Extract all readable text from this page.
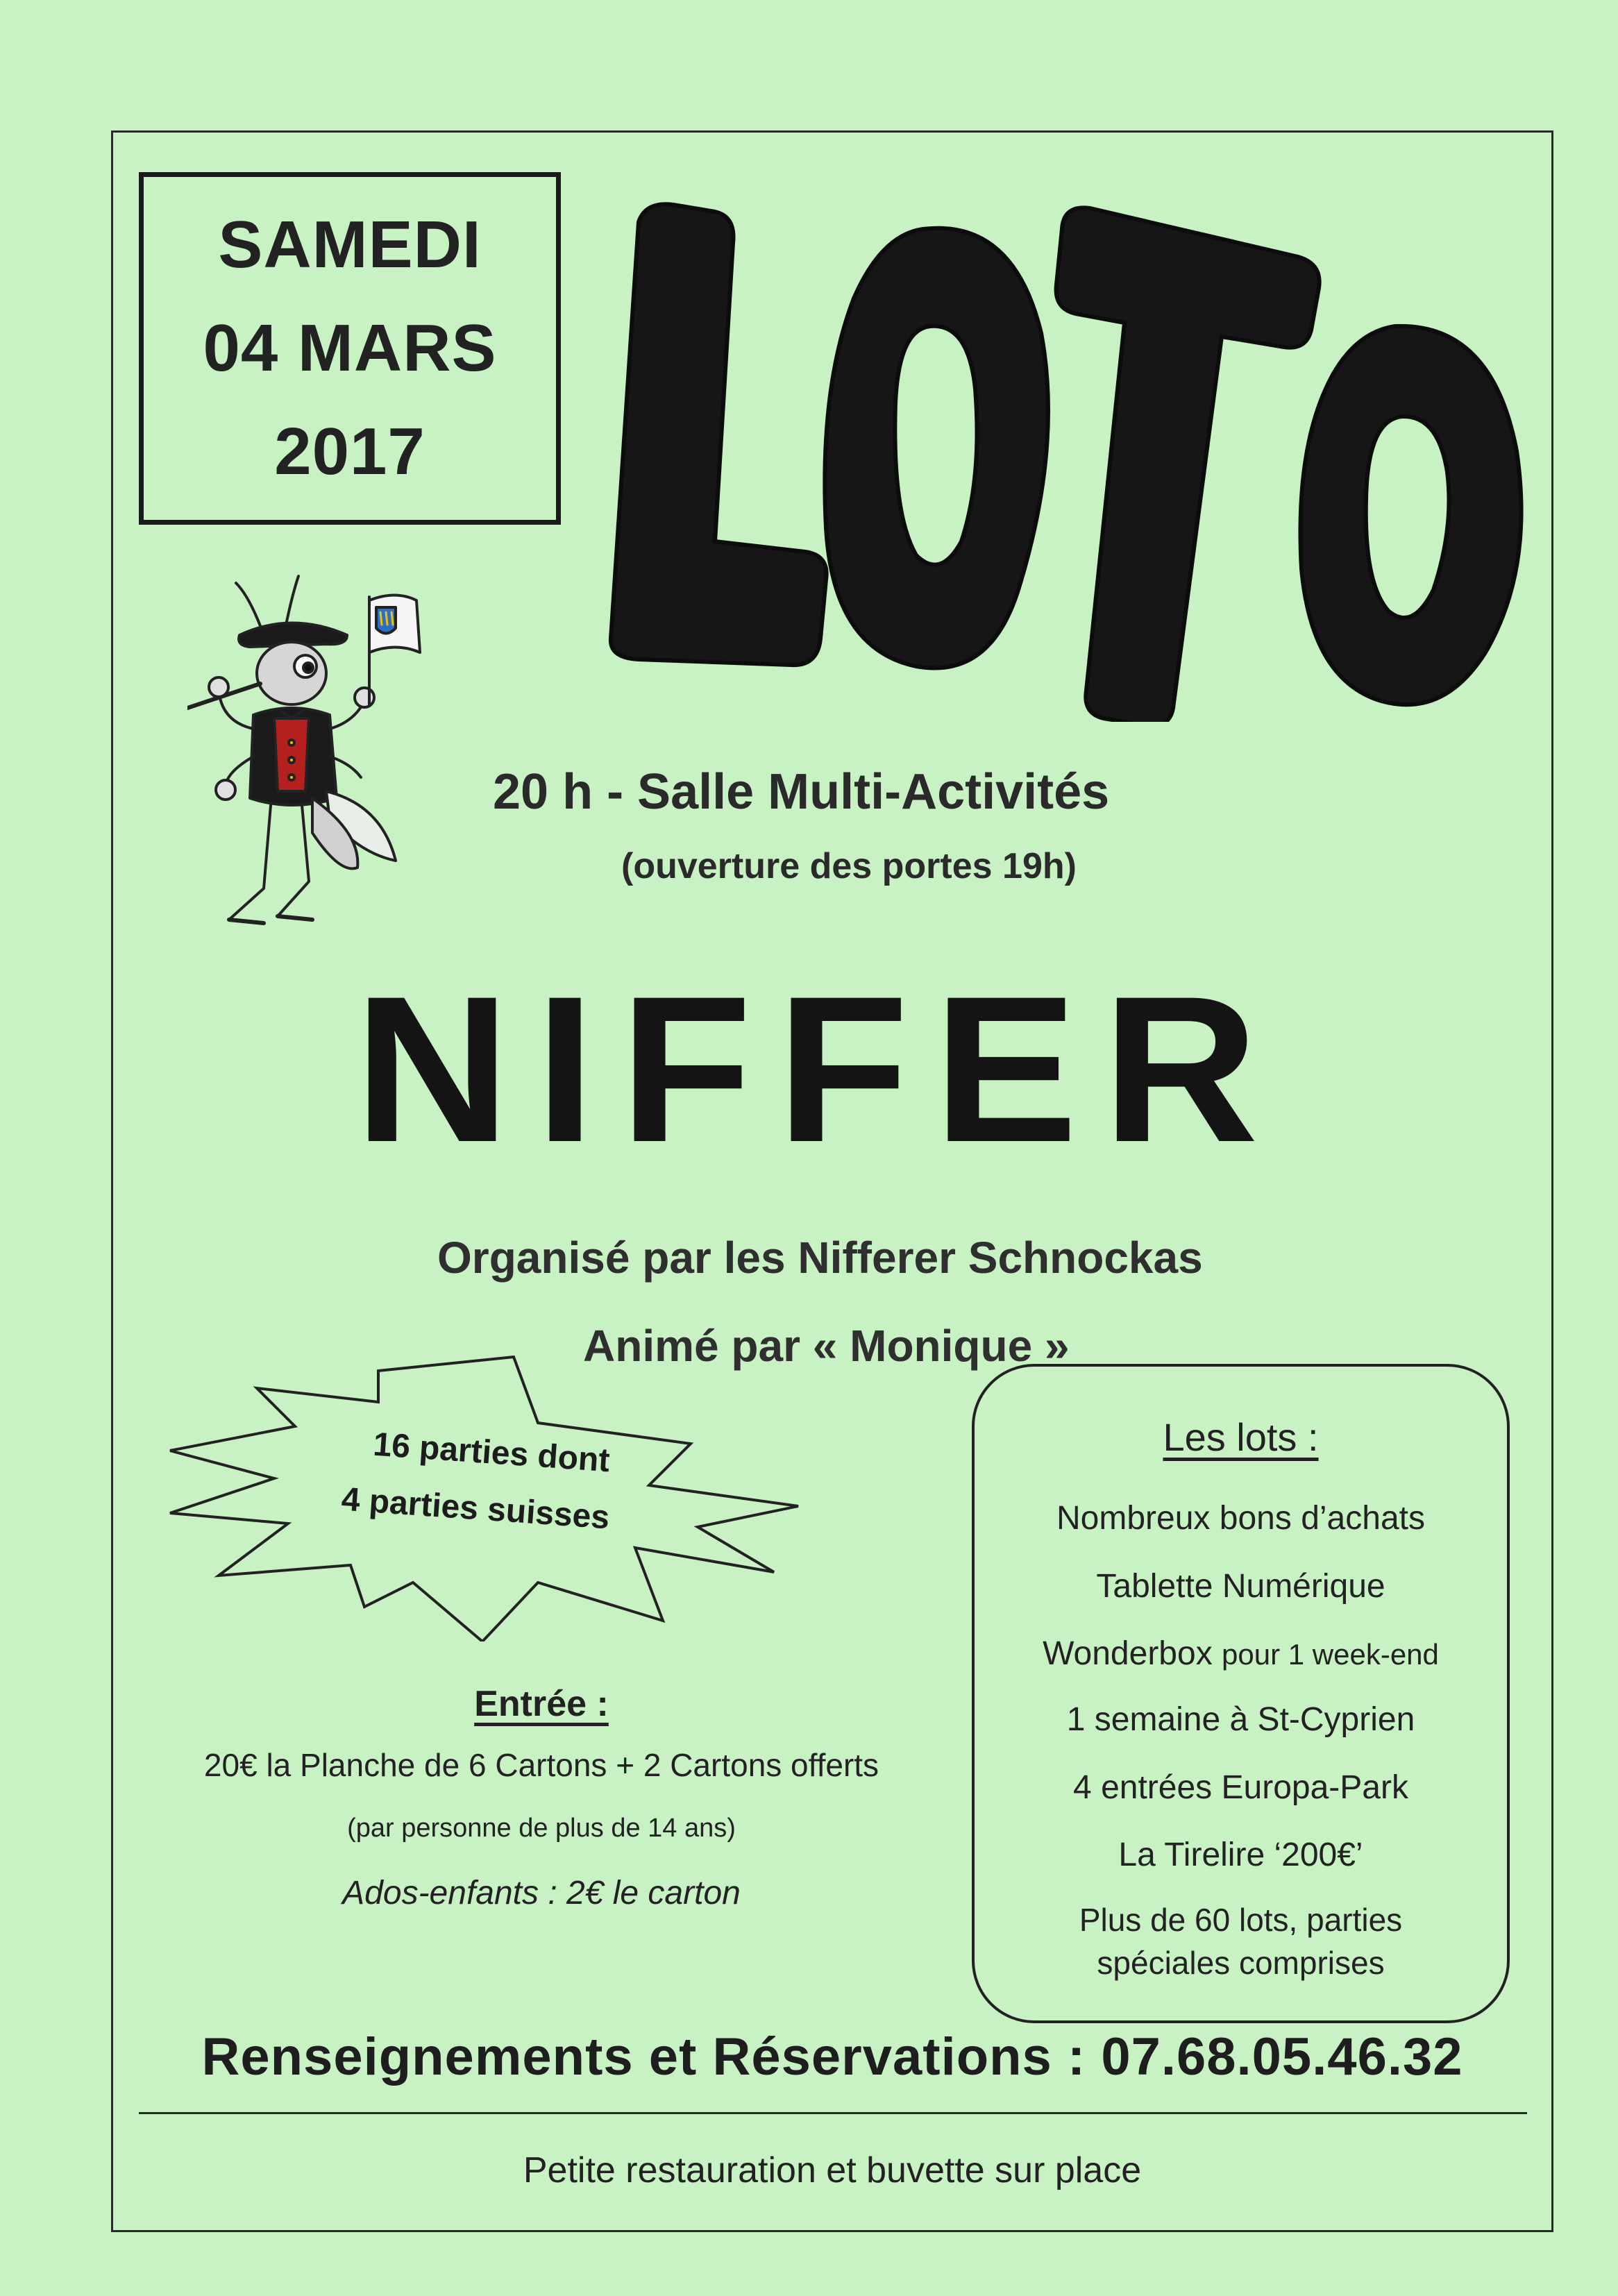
SAMEDI
04 MARS
2017
20 h - Salle Multi-Activités
(ouverture des portes 19h)
NIFFER
Organisé par les Nifferer Schnockas
Animé par « Monique »
16 parties dont
4 parties suisses
Les lots :
Nombreux bons d’achats
Tablette Numérique
Wonderbox pour 1 week-end
1 semaine à St-Cyprien
4 entrées Europa-Park
La Tirelire ‘200€’
Plus de 60 lots, parties
spéciales comprises
Entrée :
20€ la Planche de 6 Cartons + 2 Cartons offerts
(par personne de plus de 14 ans)
Ados-enfants : 2€ le carton
Renseignements et Réservations : 07.68.05.46.32
Petite restauration et buvette sur place
